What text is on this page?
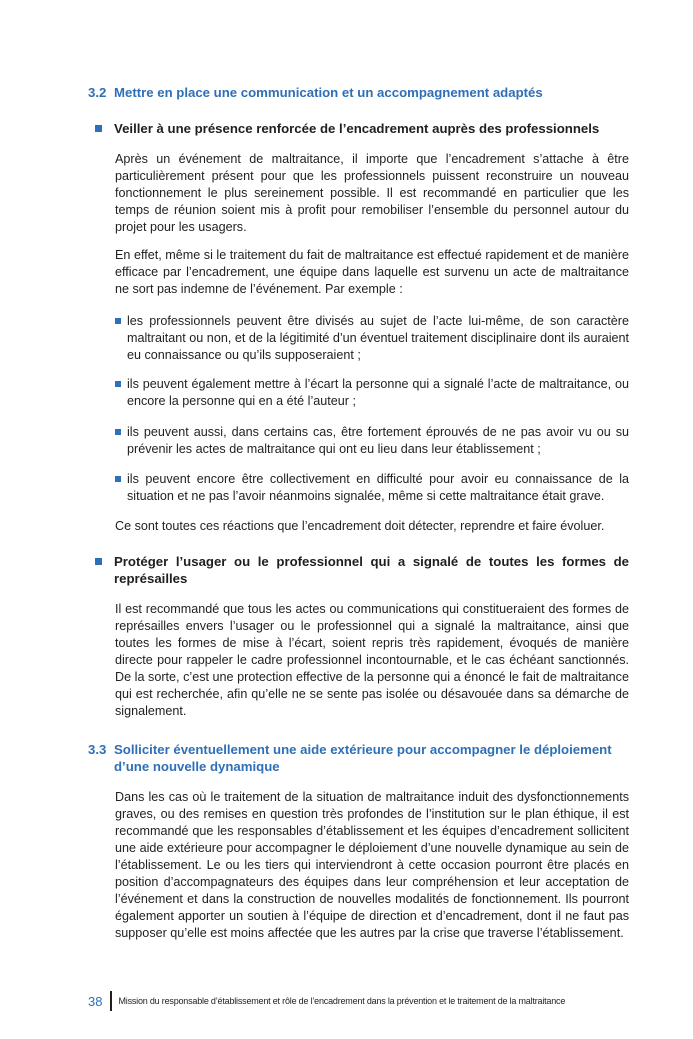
3.2 Mettre en place une communication et un accompagnement adaptés
Veiller à une présence renforcée de l’encadrement auprès des professionnels

Après un événement de maltraitance, il importe que l’encadrement s’attache à être particulièrement présent pour que les professionnels puissent reconstruire un nouveau fonctionnement le plus sereinement possible. Il est recommandé en particulier que les temps de réunion soient mis à profit pour remobiliser l’ensemble du personnel autour du projet pour les usagers.

En effet, même si le traitement du fait de maltraitance est effectué rapidement et de manière efficace par l’encadrement, une équipe dans laquelle est survenu un acte de maltraitance ne sort pas indemne de l’événement. Par exemple :

les professionnels peuvent être divisés au sujet de l’acte lui-même, de son caractère maltraitant ou non, et de la légitimité d’un éventuel traitement disciplinaire dont ils auraient eu connaissance ou qu’ils supposeraient ;
ils peuvent également mettre à l’écart la personne qui a signalé l’acte de maltraitance, ou encore la personne qui en a été l’auteur ;
ils peuvent aussi, dans certains cas, être fortement éprouvés de ne pas avoir vu ou su prévenir les actes de maltraitance qui ont eu lieu dans leur établissement ;
ils peuvent encore être collectivement en difficulté pour avoir eu connaissance de la situation et ne pas l’avoir néanmoins signalée, même si cette maltraitance était grave.

Ce sont toutes ces réactions que l’encadrement doit détecter, reprendre et faire évoluer.

Protéger l’usager ou le professionnel qui a signalé de toutes les formes de représailles

Il est recommandé que tous les actes ou communications qui constitueraient des formes de représailles envers l’usager ou le professionnel qui a signalé la maltraitance, ainsi que toutes les formes de mise à l’écart, soient repris très rapidement, évoqués de manière directe pour rappeler le cadre professionnel incontournable, et le cas échéant sanctionnés. De la sorte, c’est une protection effective de la personne qui a énoncé le fait de maltraitance qui est recherchée, afin qu’elle ne se sente pas isolée ou désavouée dans sa démarche de signalement.

3.3 Solliciter éventuellement une aide extérieure pour accompagner le déploiement d’une nouvelle dynamique

Dans les cas où le traitement de la situation de maltraitance induit des dysfonctionnements graves, ou des remises en question très profondes de l’institution sur le plan éthique, il est recommandé que les responsables d’établissement et les équipes d’encadrement sollicitent une aide extérieure pour accompagner le déploiement d’une nouvelle dynamique au sein de l’établissement. Le ou les tiers qui interviendront à cette occasion pourront être placés en position d’accompagnateurs des équipes dans leur compréhension et leur acceptation de l’événement et dans la construction de nouvelles modalités de fonctionnement. Ils pourront également apporter un soutien à l’équipe de direction et d’encadrement, dont il ne faut pas supposer qu’elle est moins affectée que les autres par la crise que traverse l’établissement.

38 Mission du responsable d’établissement et rôle de l’encadrement dans la prévention et le traitement de la maltraitance
